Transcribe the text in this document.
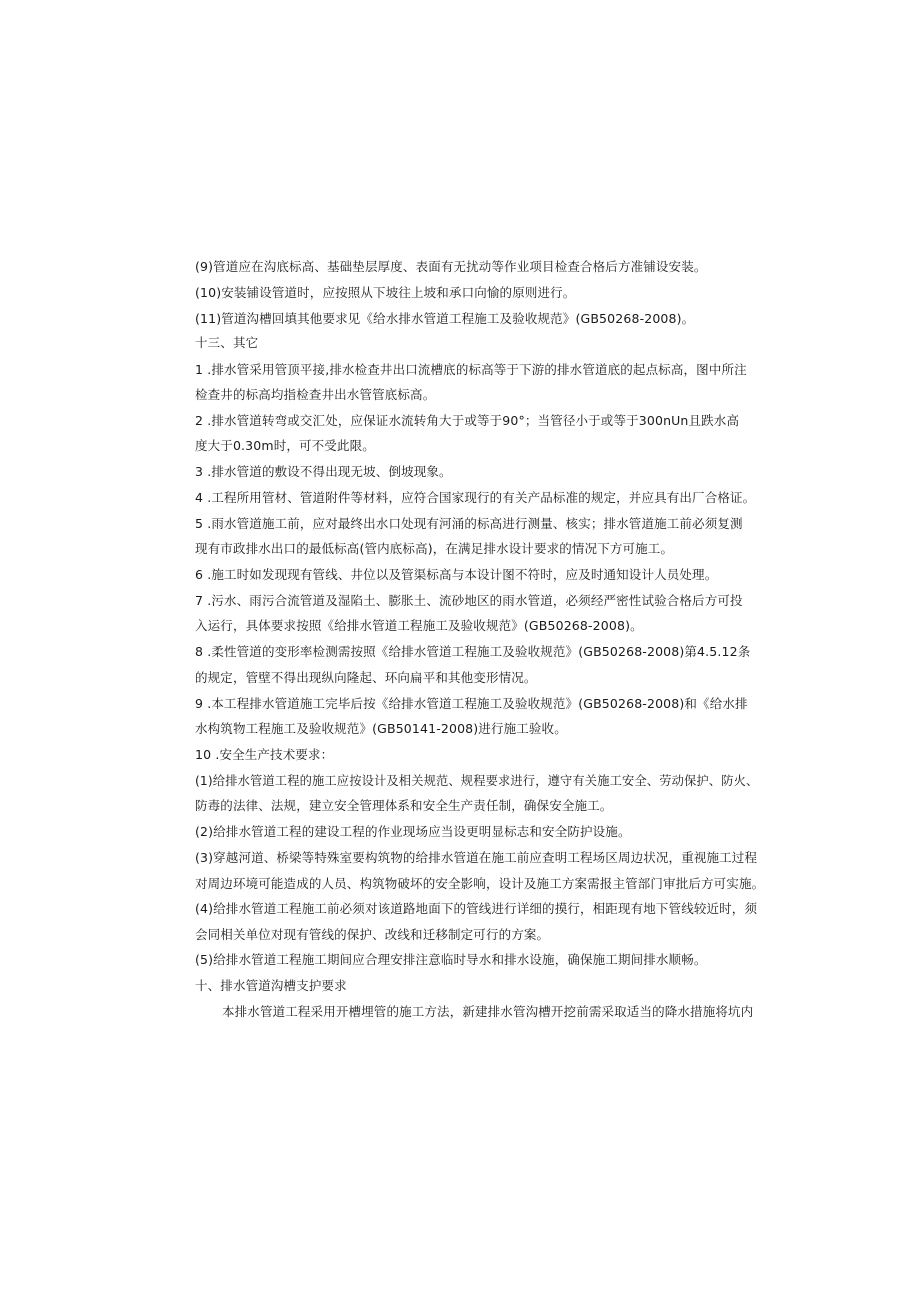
(9)管道应在沟底标高、基础垫层厚度、表面有无扰动等作业项目检查合格后方准铺设安装。
(10)安装铺设管道时，应按照从下坡往上坡和承口向愉的原则进行。
(11)管道沟槽回填其他要求见《给水排水管道工程施工及验收规范》(GB50268-2008)。
十三、其它
1 .排水管采用管顶平接,排水检查井出口流槽底的标高等于下游的排水管道底的起点标高，图中所注
检查井的标高均指检查井出水管管底标高。
2 .排水管道转弯或交汇处，应保证水流转角大于或等于90°；当管径小于或等于300nUn且跌水高
度大于0.30m时，可不受此限。
3 .排水管道的敷设不得出现无坡、倒坡现象。
4 .工程所用管材、管道附件等材料，应符合国家现行的有关产品标准的规定，并应具有出厂合格证。
5 .雨水管道施工前，应对最终出水口处现有河涌的标高进行测量、核实；排水管道施工前必须复测
现有市政排水出口的最低标高(管内底标高)，在满足排水设计要求的情况下方可施工。
6 .施工时如发现现有管线、井位以及管渠标高与本设计图不符时，应及时通知设计人员处理。
7 .污水、雨污合流管道及湿陷土、膨胀土、流砂地区的雨水管道，必须经严密性试验合格后方可投
入运行，具体要求按照《给排水管道工程施工及验收规范》(GB50268-2008)。
8 .柔性管道的变形率检测需按照《给排水管道工程施工及验收规范》(GB50268-2008)第4.5.12条
的规定，管壁不得出现纵向隆起、环向扁平和其他变形情况。
9 .本工程排水管道施工完毕后按《给排水管道工程施工及验收规范》(GB50268-2008)和《给水排
水构筑物工程施工及验收规范》(GB50141-2008)进行施工验收。
10 .安全生产技术要求：
(1)给排水管道工程的施工应按设计及相关规范、规程要求进行，遵守有关施工安全、劳动保护、防火、
防毒的法律、法规，建立安全管理体系和安全生产责任制，确保安全施工。
(2)给排水管道工程的建设工程的作业现场应当设更明显标志和安全防护设施。
(3)穿越河道、桥梁等特殊室要构筑物的给排水管道在施工前应查明工程场区周边状况，重视施工过程
对周边环境可能造成的人员、构筑物破坏的安全影响，设计及施工方案需报主管部门审批后方可实施。
(4)给排水管道工程施工前必须对该道路地面下的管线进行详细的摸行，相距现有地下管线较近时，须
会同相关单位对现有管线的保护、改线和迁移制定可行的方案。
(5)给排水管道工程施工期间应合理安排注意临时导水和排水设施，确保施工期间排水顺畅。
十、排水管道沟槽支护要求
本排水管道工程采用开槽埋管的施工方法，新建排水管沟槽开挖前需采取适当的降水措施将坑内
